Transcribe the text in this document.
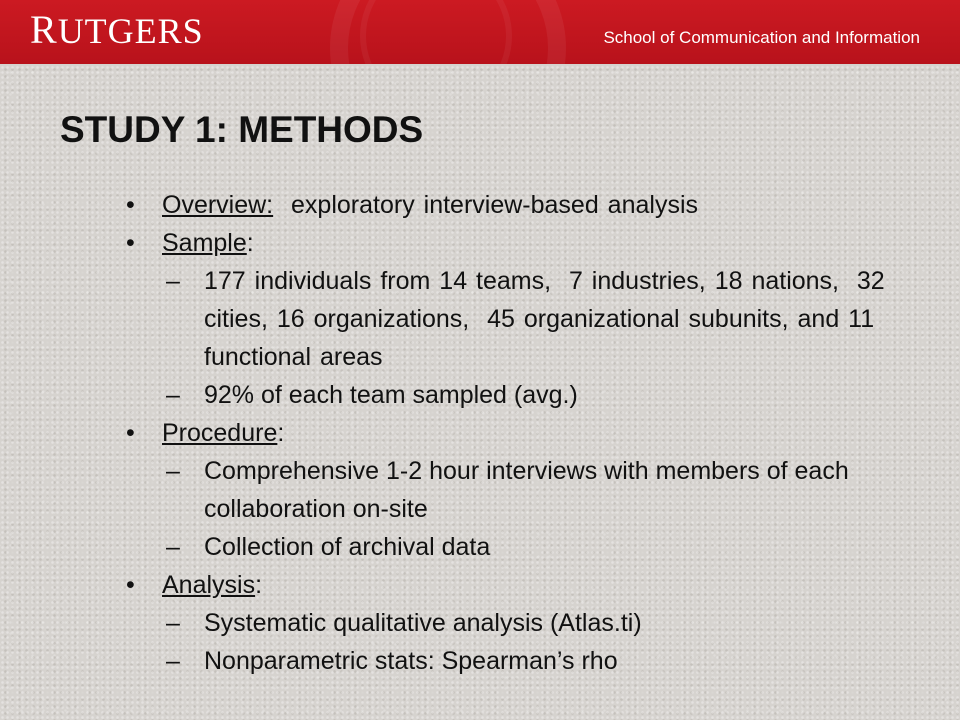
RUTGERS	School of Communication and Information
STUDY 1: METHODS
• Overview:  exploratory interview-based analysis
• Sample:
– 177 individuals from 14 teams,  7 industries, 18 nations,  32 cities, 16 organizations,  45 organizational subunits, and 11 functional areas
– 92% of each team sampled (avg.)
• Procedure:
– Comprehensive 1-2 hour interviews with members of each collaboration on-site
– Collection of archival data
• Analysis:
– Systematic qualitative analysis (Atlas.ti)
– Nonparametric stats: Spearman’s rho
